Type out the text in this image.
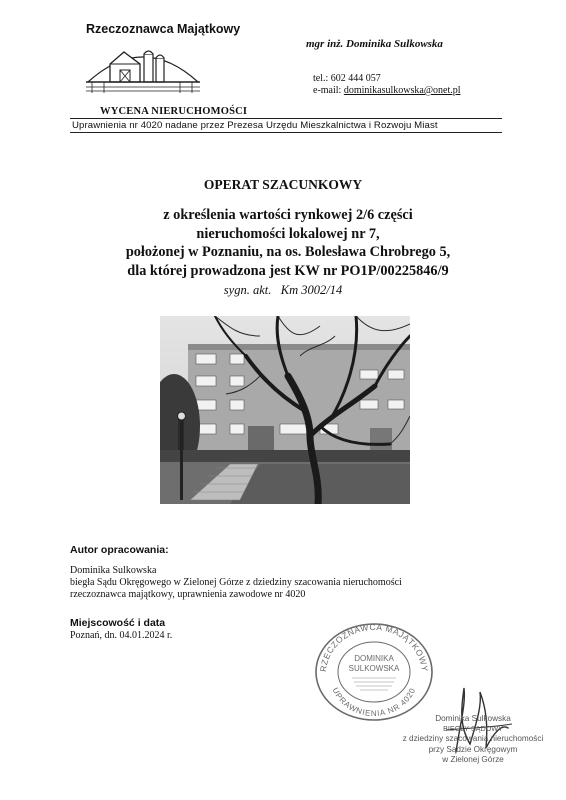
Rzeczoznawca Majątkowy
WYCENA NIERUCHOMOŚCI
Uprawnienia nr 4020 nadane przez Prezesa Urzędu Mieszkalnictwa i Rozwoju Miast
mgr inż. Dominika Sulkowska
tel.: 602 444 057
e-mail: dominikasulkowska@onet.pl
OPERAT SZACUNKOWY
z określenia wartości rynkowej 2/6 części
nieruchomości lokalowej nr 7,
położonej w Poznaniu, na os. Bolesława Chrobrego 5,
dla której prowadzona jest KW nr PO1P/00225846/9
sygn. akt. Km 3002/14
Autor opracowania:
Dominika Sulkowska
biegła Sądu Okręgowego w Zielonej Górze z dziedziny szacowania nieruchomości
rzeczoznawca majątkowy, uprawnienia zawodowe nr 4020
Miejscowość i data
Poznań, dn. 04.01.2024 r.
RZECZOZNAWCA MAJĄTKOWY
UPRAWNIENIA NR 4020
DOMINIKA
SULKOWSKA
Dominika Sulkowska
BIEGŁY SĄDOWY
z dziedziny szacowania nieruchomości
przy Sądzie Okręgowym
w Zielonej Górze
